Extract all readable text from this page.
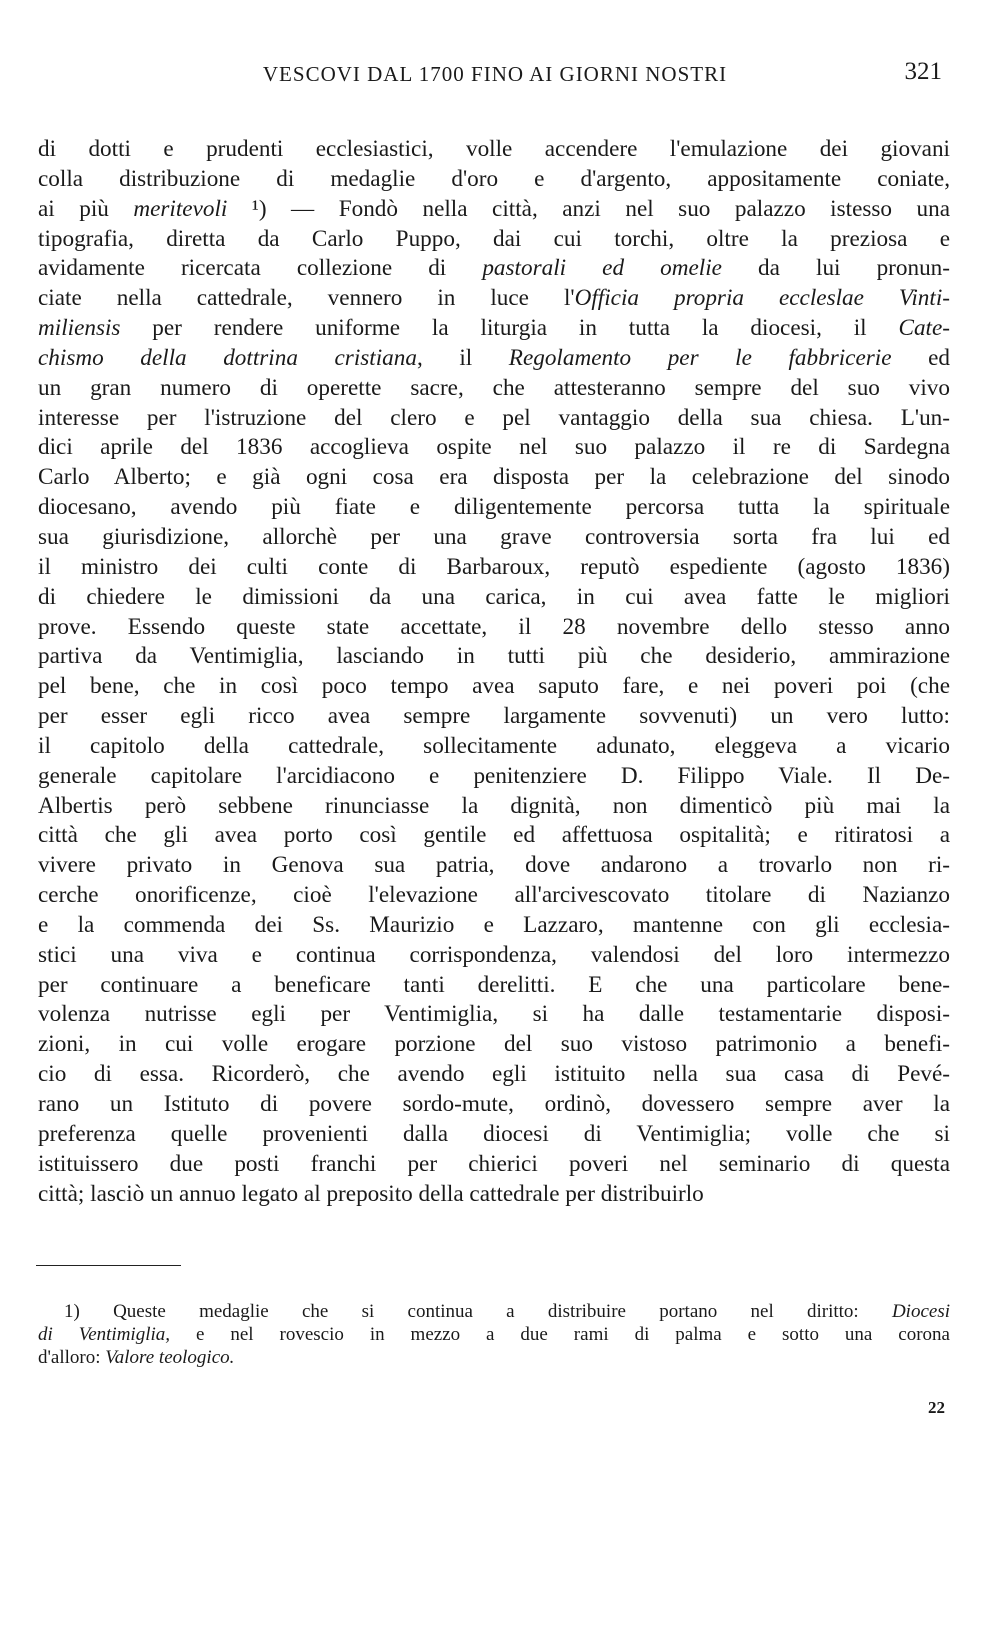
VESCOVI DAL 1700 FINO AI GIORNI NOSTRI	321
di dotti e prudenti ecclesiastici, volle accendere l'emulazione dei giovani
colla distribuzione di medaglie d'oro e d'argento, appositamente coniate,
ai più meritevoli ¹) — Fondò nella città, anzi nel suo palazzo istesso una
tipografia, diretta da Carlo Puppo, dai cui torchi, oltre la preziosa e
avidamente ricercata collezione di pastorali ed omelie da lui pronun-
ciate nella cattedrale, vennero in luce l'Officia propria eccleslae Vinti-
miliensis per rendere uniforme la liturgia in tutta la diocesi, il Cate-
chismo della dottrina cristiana, il Regolamento per le fabbricerie ed
un gran numero di operette sacre, che attesteranno sempre del suo vivo
interesse per l'istruzione del clero e pel vantaggio della sua chiesa. L'un-
dici aprile del 1836 accoglieva ospite nel suo palazzo il re di Sardegna
Carlo Alberto; e già ogni cosa era disposta per la celebrazione del sinodo
diocesano, avendo più fiate e diligentemente percorsa tutta la spirituale
sua giurisdizione, allorchè per una grave controversia sorta fra lui ed
il ministro dei culti conte di Barbaroux, reputò espediente (agosto 1836)
di chiedere le dimissioni da una carica, in cui avea fatte le migliori
prove. Essendo queste state accettate, il 28 novembre dello stesso anno
partiva da Ventimiglia, lasciando in tutti più che desiderio, ammirazione
pel bene, che in così poco tempo avea saputo fare, e nei poveri poi (che
per esser egli ricco avea sempre largamente sovvenuti) un vero lutto:
il capitolo della cattedrale, sollecitamente adunato, eleggeva a vicario
generale capitolare l'arcidiacono e penitenziere D. Filippo Viale. Il De-
Albertis però sebbene rinunciasse la dignità, non dimenticò più mai la
città che gli avea porto così gentile ed affettuosa ospitalità; e ritiratosi a
vivere privato in Genova sua patria, dove andarono a trovarlo non ri-
cerche onorificenze, cioè l'elevazione all'arcivescovato titolare di Nazianzo
e la commenda dei Ss. Maurizio e Lazzaro, mantenne con gli ecclesia-
stici una viva e continua corrispondenza, valendosi del loro intermezzo
per continuare a beneficare tanti derelitti. E che una particolare bene-
volenza nutrisse egli per Ventimiglia, si ha dalle testamentarie disposi-
zioni, in cui volle erogare porzione del suo vistoso patrimonio a benefi-
cio di essa. Ricorderò, che avendo egli istituito nella sua casa di Pevé-
rano un Istituto di povere sordo-mute, ordinò, dovessero sempre aver la
preferenza quelle provenienti dalla diocesi di Ventimiglia; volle che si
istituissero due posti franchi per chierici poveri nel seminario di questa
città; lasciò un annuo legato al preposito della cattedrale per distribuirlo
1) Queste medaglie che si continua a distribuire portano nel diritto: Diocesi
di Ventimiglia, e nel rovescio in mezzo a due rami di palma e sotto una corona
d'alloro: Valore teologico.
22
